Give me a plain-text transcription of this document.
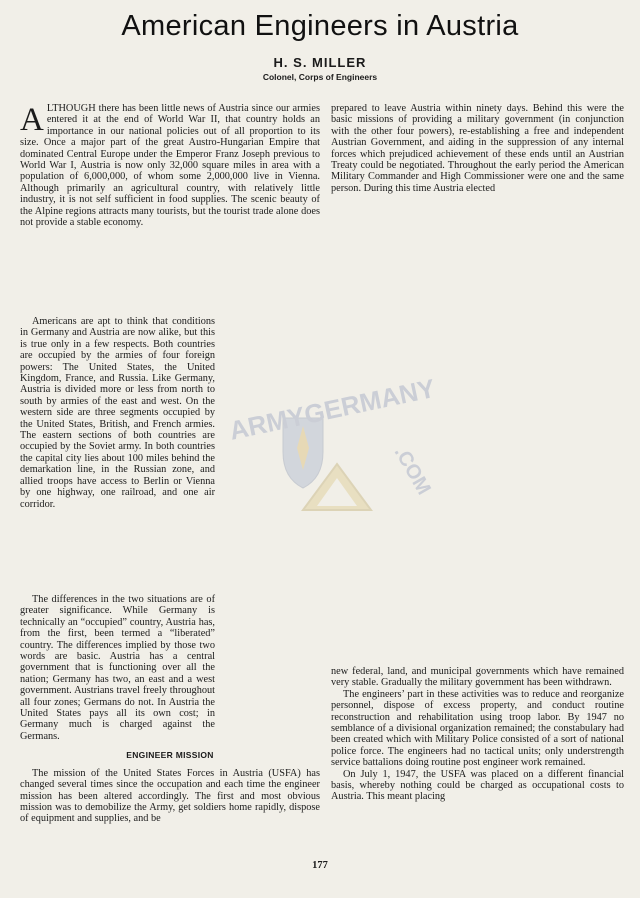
American Engineers in Austria
H. S. MILLER
Colonel, Corps of Engineers

ALTHOUGH there has been little news of Austria since our armies entered it at the end of World War II, that country holds an importance in our national policies out of all proportion to its size. Once a major part of the great Austro-Hungarian Empire that dominated Central Europe under the Emperor Franz Joseph previous to World War I, Austria is now only 32,000 square miles in area with a population of 6,000,000, of whom some 2,000,000 live in Vienna. Although primarily an agricultural country, with relatively little industry, it is not self sufficient in food supplies. The scenic beauty of the Alpine regions attracts many tourists, but the tourist trade alone does not provide a stable economy.

prepared to leave Austria within ninety days. Behind this were the basic missions of providing a military government (in conjunction with the other four powers), re-establishing a free and independent Austrian Government, and aiding in the suppression of any internal forces which prejudiced achievement of these ends until an Austrian Treaty could be negotiated. Throughout the early period the American Military Commander and High Commissioner were one and the same person. During this time Austria elected

Americans are apt to think that conditions in Germany and Austria are now alike, but this is true only in a few respects. Both countries are occupied by the armies of four foreign powers: The United States, the United Kingdom, France, and Russia. Like Germany, Austria is divided more or less from north to south by armies of the east and west. On the western side are three segments occupied by the United States, British, and French armies. The eastern sections of both countries are occupied by the Soviet army. In both countries the capital city lies about 100 miles behind the demarkation line, in the Russian zone, and allied troops have access to Berlin or Vienna by one highway, one railroad, and one air corridor.

The differences in the two situations are of greater significance. While Germany is technically an “occupied” country, Austria has, from the first, been termed a “liberated” country. The differences implied by those two words are basic. Austria has a central government that is functioning over all the nation; Germany has two, an east and a west government. Austrians travel freely throughout all four zones; Germans do not. In Austria the United States pays all its own cost; in Germany much is charged against the Germans.

ENGINEER MISSION

The mission of the United States Forces in Austria (USFA) has changed several times since the occupation and each time the engineer mission has been altered accordingly. The first and most obvious mission was to demobilize the Army, get soldiers home rapidly, dispose of equipment and supplies, and be

new federal, land, and municipal governments which have remained very stable. Gradually the military government has been withdrawn.

The engineers’ part in these activities was to reduce and reorganize personnel, dispose of excess property, and conduct routine reconstruction and rehabilitation using troop labor. By 1947 no semblance of a divisional organization remained; the constabulary had been created which with Military Police consisted of a sort of national police force. The engineers had no tactical units; only understrength service battalions doing routine post engineer work remained.

On July 1, 1947, the USFA was placed on a different financial basis, whereby nothing could be charged as occupational costs to Austria. This meant placing

ARMYGERMANY
.COM
177
